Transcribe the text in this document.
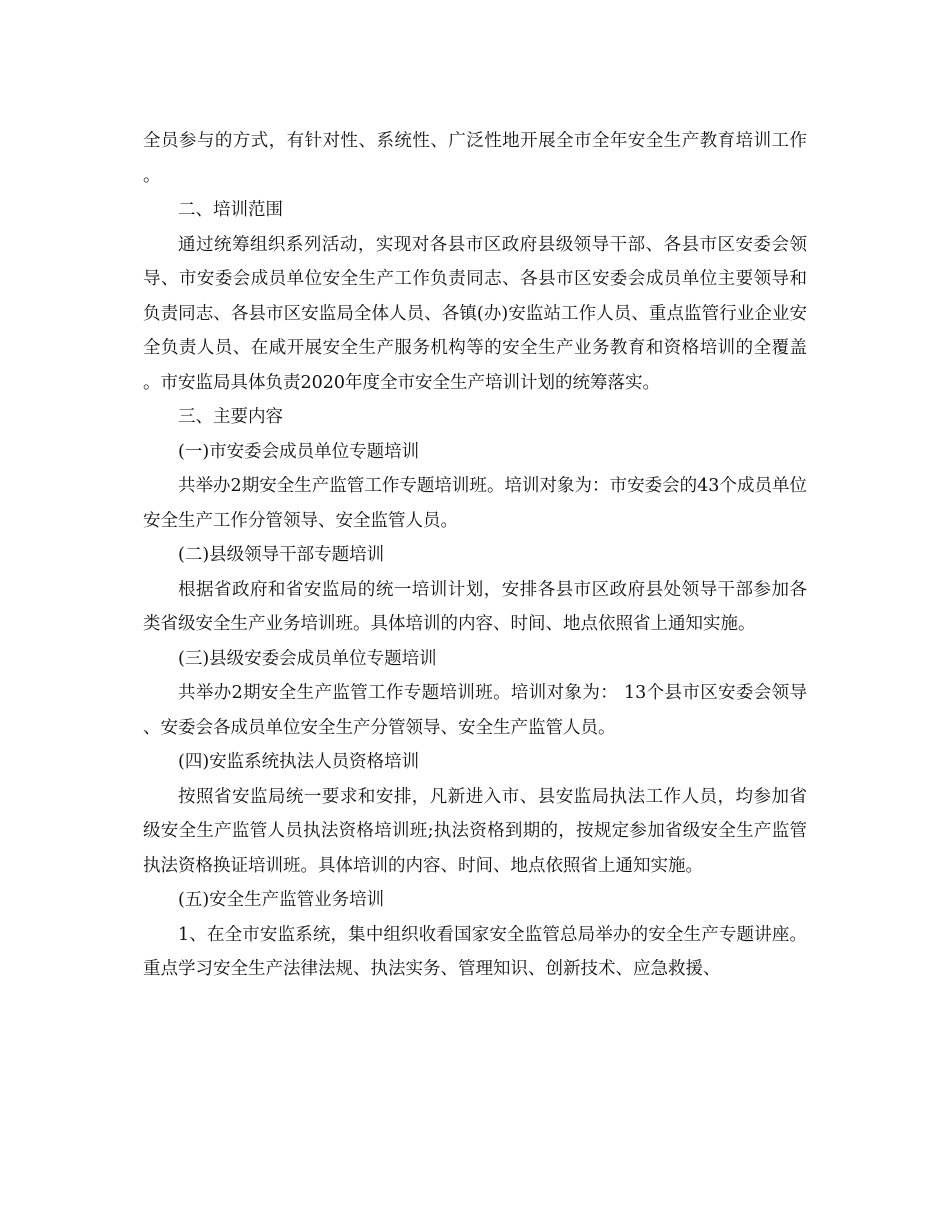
全员参与的方式，有针对性、系统性、广泛性地开展全市全年安全生产教育培训工作。

二、培训范围

通过统筹组织系列活动，实现对各县市区政府县级领导干部、各县市区安委会领导、市安委会成员单位安全生产工作负责同志、各县市区安委会成员单位主要领导和负责同志、各县市区安监局全体人员、各镇(办)安监站工作人员、重点监管行业企业安全负责人员、在咸开展安全生产服务机构等的安全生产业务教育和资格培训的全覆盖。市安监局具体负责2020年度全市安全生产培训计划的统筹落实。

三、主要内容

(一)市安委会成员单位专题培训

共举办2期安全生产监管工作专题培训班。培训对象为：市安委会的43个成员单位安全生产工作分管领导、安全监管人员。

(二)县级领导干部专题培训

根据省政府和省安监局的统一培训计划，安排各县市区政府县处领导干部参加各类省级安全生产业务培训班。具体培训的内容、时间、地点依照省上通知实施。

(三)县级安委会成员单位专题培训

共举办2期安全生产监管工作专题培训班。培训对象为： 13个县市区安委会领导、安委会各成员单位安全生产分管领导、安全生产监管人员。

(四)安监系统执法人员资格培训

按照省安监局统一要求和安排，凡新进入市、县安监局执法工作人员，均参加省级安全生产监管人员执法资格培训班;执法资格到期的，按规定参加省级安全生产监管执法资格换证培训班。具体培训的内容、时间、地点依照省上通知实施。

(五)安全生产监管业务培训

1、在全市安监系统，集中组织收看国家安全监管总局举办的安全生产专题讲座。重点学习安全生产法律法规、执法实务、管理知识、创新技术、应急救援、
